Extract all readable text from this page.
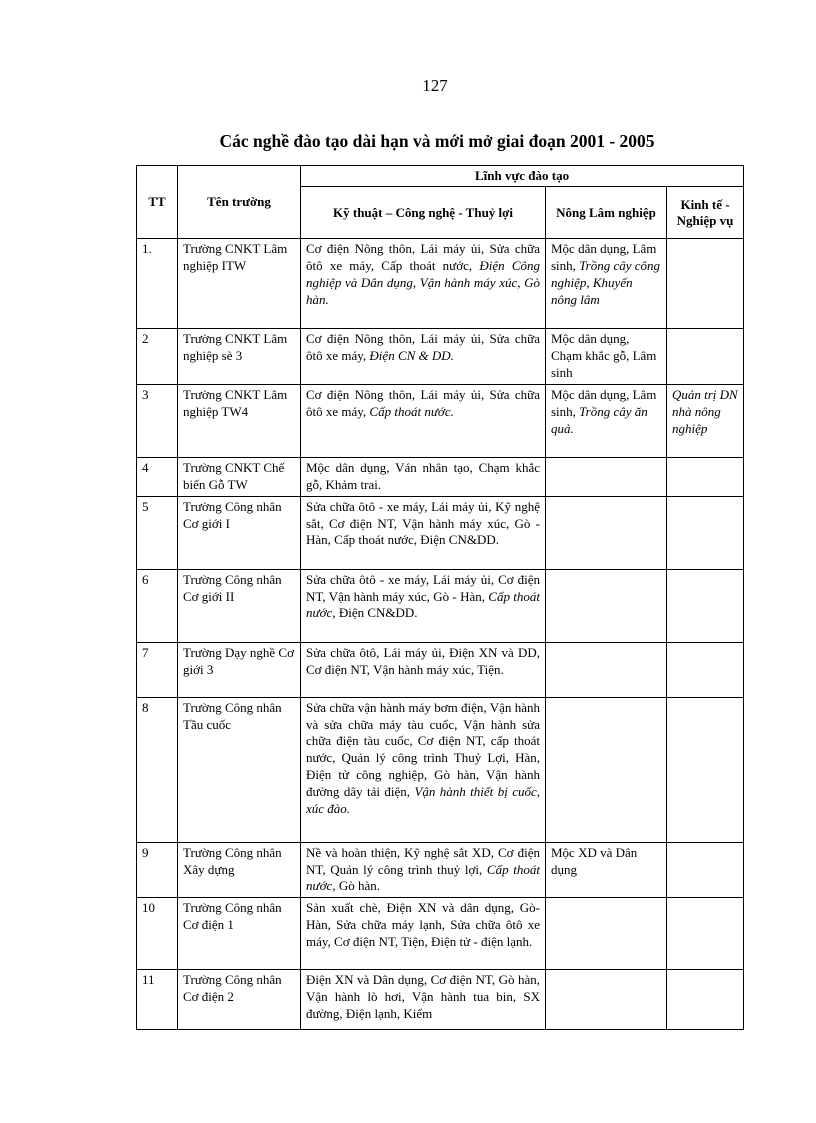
127
Các nghề đào tạo dài hạn và mới mở giai đoạn 2001 - 2005
TT	Tên trường	Lĩnh vực đào tạo		
		Kỹ thuật – Công nghệ - Thuỷ lợi	Nông Lâm nghiệp	Kinh tế - Nghiệp vụ
1.	Trường CNKT Lâm nghiệp ITW	Cơ điện Nông thôn, Lái máy ủi, Sửa chữa ôtô xe máy, Cấp thoát nước, Điện Công nghiệp và Dân dụng, Vận hành máy xúc, Gò hàn.	Mộc dân dụng, Lâm sinh, Trồng cây công nghiệp, Khuyến nông lâm	
2	Trường CNKT Lâm nghiệp sè 3	Cơ điện Nông thôn, Lái máy ủi, Sửa chữa ôtô xe máy, Điện CN & DD.	Mộc dân dụng, Chạm khắc gỗ, Lâm sinh	
3	Trường CNKT Lâm nghiệp TW4	Cơ điện Nông thôn, Lái máy ủi, Sửa chữa ôtô xe máy, Cấp thoát nước.	Mộc dân dụng, Lâm sinh, Trồng cây ăn quả.	Quản trị DN nhà nông nghiệp
4	Trường CNKT Chế biến Gỗ TW	Mộc dân dụng, Ván nhân tạo, Chạm khắc gỗ, Khảm trai.		
5	Trường Công nhân Cơ giới I	Sửa chữa ôtô - xe máy, Lái máy ủi, Kỹ nghệ sắt, Cơ điện NT, Vận hành máy xúc, Gò - Hàn, Cấp thoát nước, Điện CN&DD.		
6	Trường Công nhân Cơ giới II	Sửa chữa ôtô - xe máy, Lái máy ủi, Cơ điện NT, Vận hành máy xúc, Gò - Hàn, Cấp thoát nước, Điện CN&DD.		
7	Trường Dạy nghề Cơ giới 3	Sửa chữa ôtô, Lái máy ủi, Điện XN và DD, Cơ điện NT, Vận hành máy xúc, Tiện.		
8	Trường Công nhân Tầu cuốc	Sửa chữa vận hành máy bơm điện, Vận hành và sửa chữa máy tàu cuốc, Vận hành sửa chữa điện tàu cuốc, Cơ điện NT, cấp thoát nước, Quản lý công trình Thuỷ Lợi, Hàn, Điện tử công nghiệp, Gò hàn, Vận hành đường dây tải điện, Vận hành thiết bị cuốc, xúc đào.		
9	Trường Công nhân Xây dựng	Nề và hoàn thiện, Kỹ nghệ sắt XD, Cơ điện NT, Quản lý công trình thuỷ lợi, Cấp thoát nước, Gò hàn.	Mộc XD và Dân dụng	
10	Trường Công nhân Cơ điện 1	Sản xuất chè, Điện XN và dân dụng, Gò- Hàn, Sửa chữa máy lạnh, Sửa chữa ôtô xe máy, Cơ điện NT, Tiện, Điện tử - điện lạnh.		
11	Trường Công nhân Cơ điện 2	Điện XN và Dân dụng, Cơ điện NT, Gò hàn, Vận hành lò hơi, Vận hành tua bin, SX đường, Điện lạnh, Kiểm		
